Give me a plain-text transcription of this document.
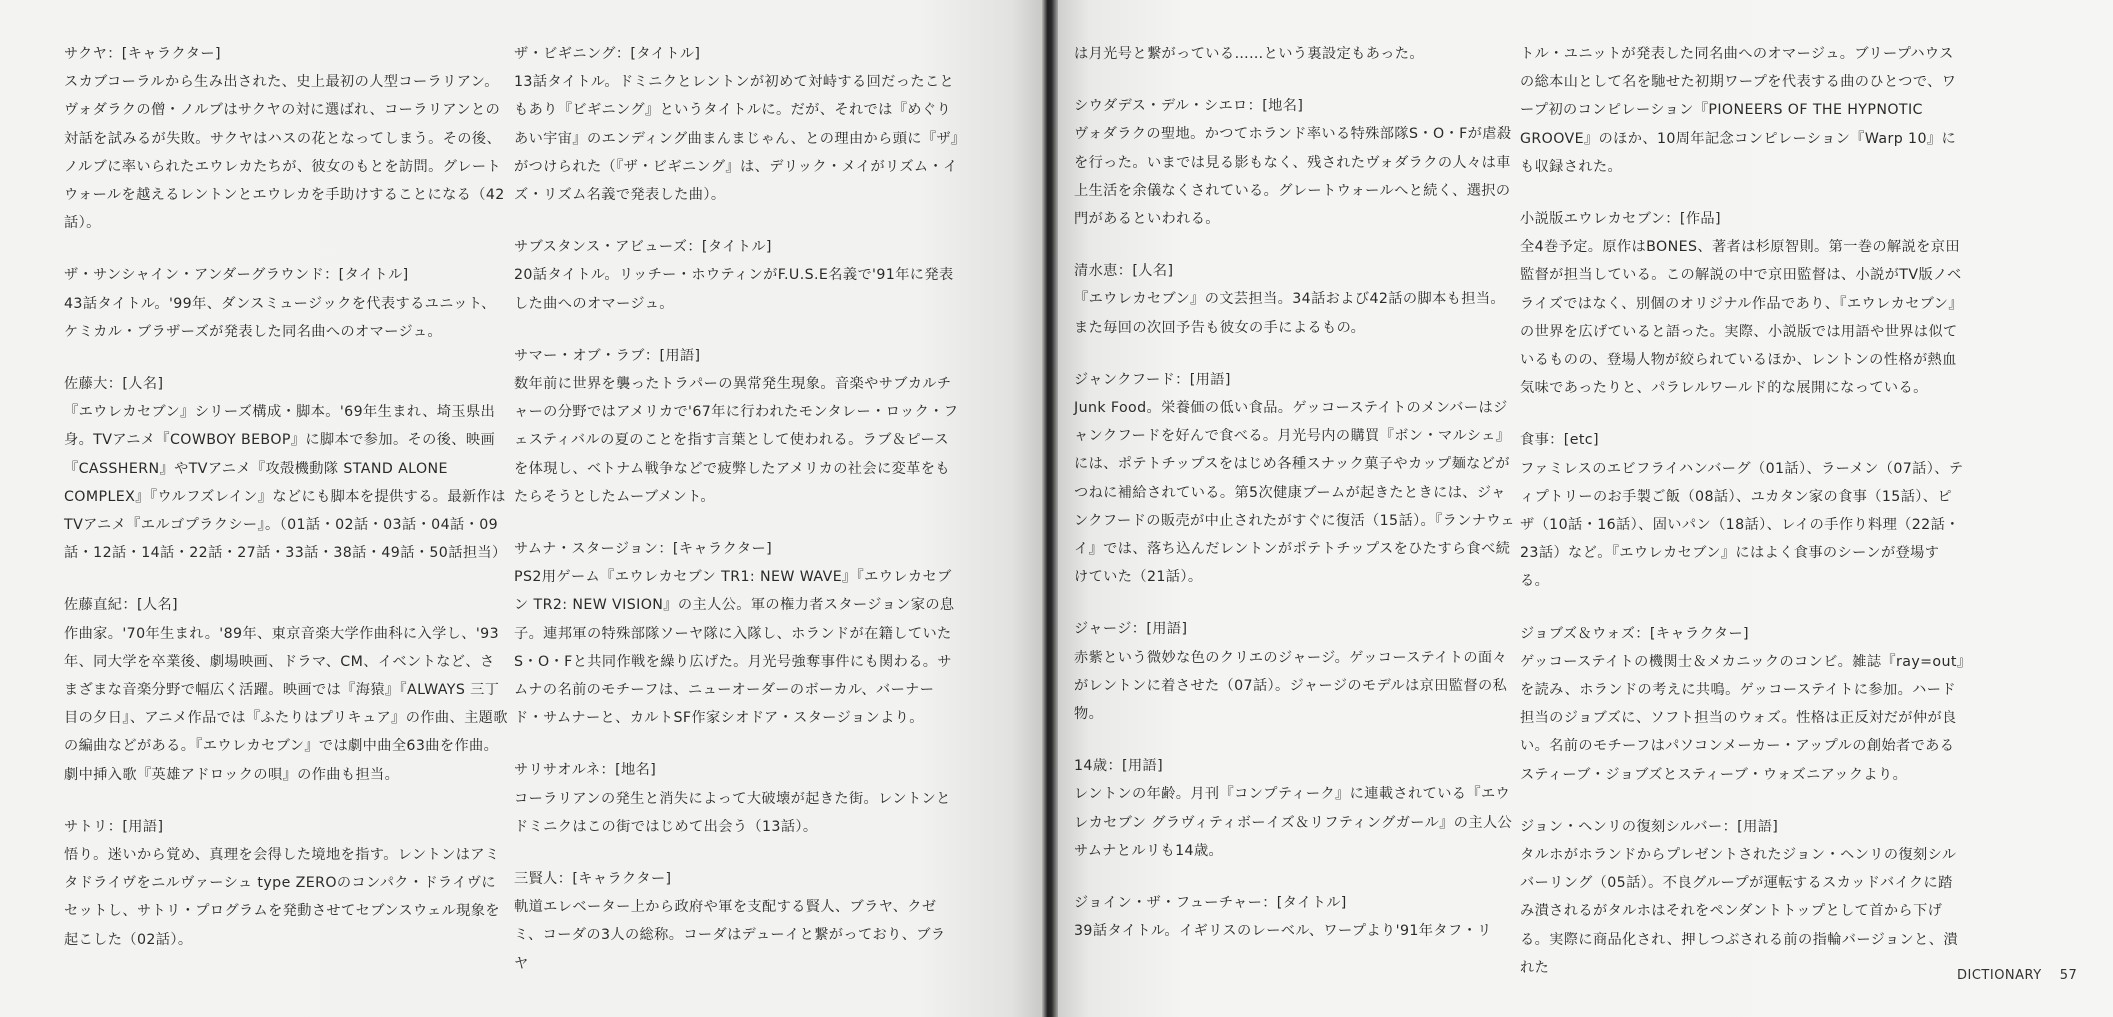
サクヤ：[キャラクター]

スカブコーラルから生み出された、史上最初の人型コーラリアン。ヴォダラクの僧・ノルブはサクヤの対に選ばれ、コーラリアンとの対話を試みるが失敗。サクヤはハスの花となってしまう。その後、ノルブに率いられたエウレカたちが、彼女のもとを訪問。グレートウォールを越えるレントンとエウレカを手助けすることになる（42話）。

ザ・サンシャイン・アンダーグラウンド：[タイトル]

43話タイトル。'99年、ダンスミュージックを代表するユニット、ケミカル・ブラザーズが発表した同名曲へのオマージュ。

佐藤大：[人名]

『エウレカセブン』シリーズ構成・脚本。'69年生まれ、埼玉県出身。TVアニメ『COWBOY BEBOP』に脚本で参加。その後、映画『CASSHERN』やTVアニメ『攻殻機動隊 STAND ALONE COMPLEX』『ウルフズレイン』などにも脚本を提供する。最新作はTVアニメ『エルゴプラクシー』。（01話・02話・03話・04話・09話・12話・14話・22話・27話・33話・38話・49話・50話担当）

佐藤直紀：[人名]

作曲家。'70年生まれ。'89年、東京音楽大学作曲科に入学し、'93年、同大学を卒業後、劇場映画、ドラマ、CM、イベントなど、さまざまな音楽分野で幅広く活躍。映画では『海猿』『ALWAYS 三丁目の夕日』、アニメ作品では『ふたりはプリキュア』の作曲、主題歌の編曲などがある。『エウレカセブン』では劇中曲全63曲を作曲。劇中挿入歌『英雄アドロックの唄』の作曲も担当。

サトリ：[用語]

悟り。迷いから覚め、真理を会得した境地を指す。レントンはアミタドライヴをニルヴァーシュ type ZEROのコンパク・ドライヴにセットし、サトリ・プログラムを発動させてセブンスウェル現象を起こした（02話）。

ザ・ビギニング：[タイトル]

13話タイトル。ドミニクとレントンが初めて対峙する回だったこともあり『ビギニング』というタイトルに。だが、それでは『めぐりあい宇宙』のエンディング曲まんまじゃん、との理由から頭に『ザ』がつけられた（『ザ・ビギニング』は、デリック・メイがリズム・イズ・リズム名義で発表した曲）。

サブスタンス・アビューズ：[タイトル]

20話タイトル。リッチー・ホウティンがF.U.S.E名義で'91年に発表した曲へのオマージュ。

サマー・オブ・ラブ：[用語]

数年前に世界を襲ったトラパーの異常発生現象。音楽やサブカルチャーの分野ではアメリカで'67年に行われたモンタレー・ロック・フェスティバルの夏のことを指す言葉として使われる。ラブ＆ピースを体現し、ベトナム戦争などで疲弊したアメリカの社会に変革をもたらそうとしたムーブメント。

サムナ・スタージョン：[キャラクター]

PS2用ゲーム『エウレカセブン TR1: NEW WAVE』『エウレカセブン TR2: NEW VISION』の主人公。軍の権力者スタージョン家の息子。連邦軍の特殊部隊ソーヤ隊に入隊し、ホランドが在籍していたS・O・Fと共同作戦を繰り広げた。月光号強奪事件にも関わる。サムナの名前のモチーフは、ニューオーダーのボーカル、バーナード・サムナーと、カルトSF作家シオドア・スタージョンより。

サリサオルネ：[地名]

コーラリアンの発生と消失によって大破壊が起きた街。レントンとドミニクはこの街ではじめて出会う（13話）。

三賢人：[キャラクター]

軌道エレベーター上から政府や軍を支配する賢人、ブラヤ、クゼミ、コーダの3人の総称。コーダはデューイと繋がっており、ブラヤ

は月光号と繋がっている……という裏設定もあった。

シウダデス・デル・シエロ：[地名]

ヴォダラクの聖地。かつてホランド率いる特殊部隊S・O・Fが虐殺を行った。いまでは見る影もなく、残されたヴォダラクの人々は車上生活を余儀なくされている。グレートウォールへと続く、選択の門があるといわれる。

清水恵：[人名]

『エウレカセブン』の文芸担当。34話および42話の脚本も担当。また毎回の次回予告も彼女の手によるもの。

ジャンクフード：[用語]

Junk Food。栄養価の低い食品。ゲッコーステイトのメンバーはジャンクフードを好んで食べる。月光号内の購買『ボン・マルシェ』には、ポテトチップスをはじめ各種スナック菓子やカップ麺などがつねに補給されている。第5次健康ブームが起きたときには、ジャンクフードの販売が中止されたがすぐに復活（15話）。『ランナウェイ』では、落ち込んだレントンがポテトチップスをひたすら食べ続けていた（21話）。

ジャージ：[用語]

赤紫という微妙な色のクリエのジャージ。ゲッコーステイトの面々がレントンに着させた（07話）。ジャージのモデルは京田監督の私物。

14歳：[用語]

レントンの年齢。月刊『コンプティーク』に連載されている『エウレカセブン グラヴィティボーイズ＆リフティングガール』の主人公サムナとルリも14歳。

ジョイン・ザ・フューチャー：[タイトル]

39話タイトル。イギリスのレーベル、ワープより'91年タフ・リ

トル・ユニットが発表した同名曲へのオマージュ。ブリープハウスの総本山として名を馳せた初期ワープを代表する曲のひとつで、ワープ初のコンピレーション『PIONEERS OF THE HYPNOTIC GROOVE』のほか、10周年記念コンピレーション『Warp 10』にも収録された。

小説版エウレカセブン：[作品]

全4巻予定。原作はBONES、著者は杉原智則。第一巻の解説を京田監督が担当している。この解説の中で京田監督は、小説がTV版ノベライズではなく、別個のオリジナル作品であり、『エウレカセブン』の世界を広げていると語った。実際、小説版では用語や世界は似ているものの、登場人物が絞られているほか、レントンの性格が熱血気味であったりと、パラレルワールド的な展開になっている。

食事：[etc]

ファミレスのエビフライハンバーグ（01話）、ラーメン（07話）、ティプトリーのお手製ご飯（08話）、ユカタン家の食事（15話）、ピザ（10話・16話）、固いパン（18話）、レイの手作り料理（22話・23話）など。『エウレカセブン』にはよく食事のシーンが登場する。

ジョブズ＆ウォズ：[キャラクター]

ゲッコーステイトの機関士＆メカニックのコンビ。雑誌『ray=out』を読み、ホランドの考えに共鳴。ゲッコーステイトに参加。ハード担当のジョブズに、ソフト担当のウォズ。性格は正反対だが仲が良い。名前のモチーフはパソコンメーカー・アップルの創始者であるスティーブ・ジョブズとスティーブ・ウォズニアックより。

ジョン・ヘンリの復刻シルバー：[用語]

タルホがホランドからプレゼントされたジョン・ヘンリの復刻シルバーリング（05話）。不良グループが運転するスカッドバイクに踏み潰されるがタルホはそれをペンダントトップとして首から下げる。実際に商品化され、押しつぶされる前の指輪バージョンと、潰れた	DICTIONARY 57
